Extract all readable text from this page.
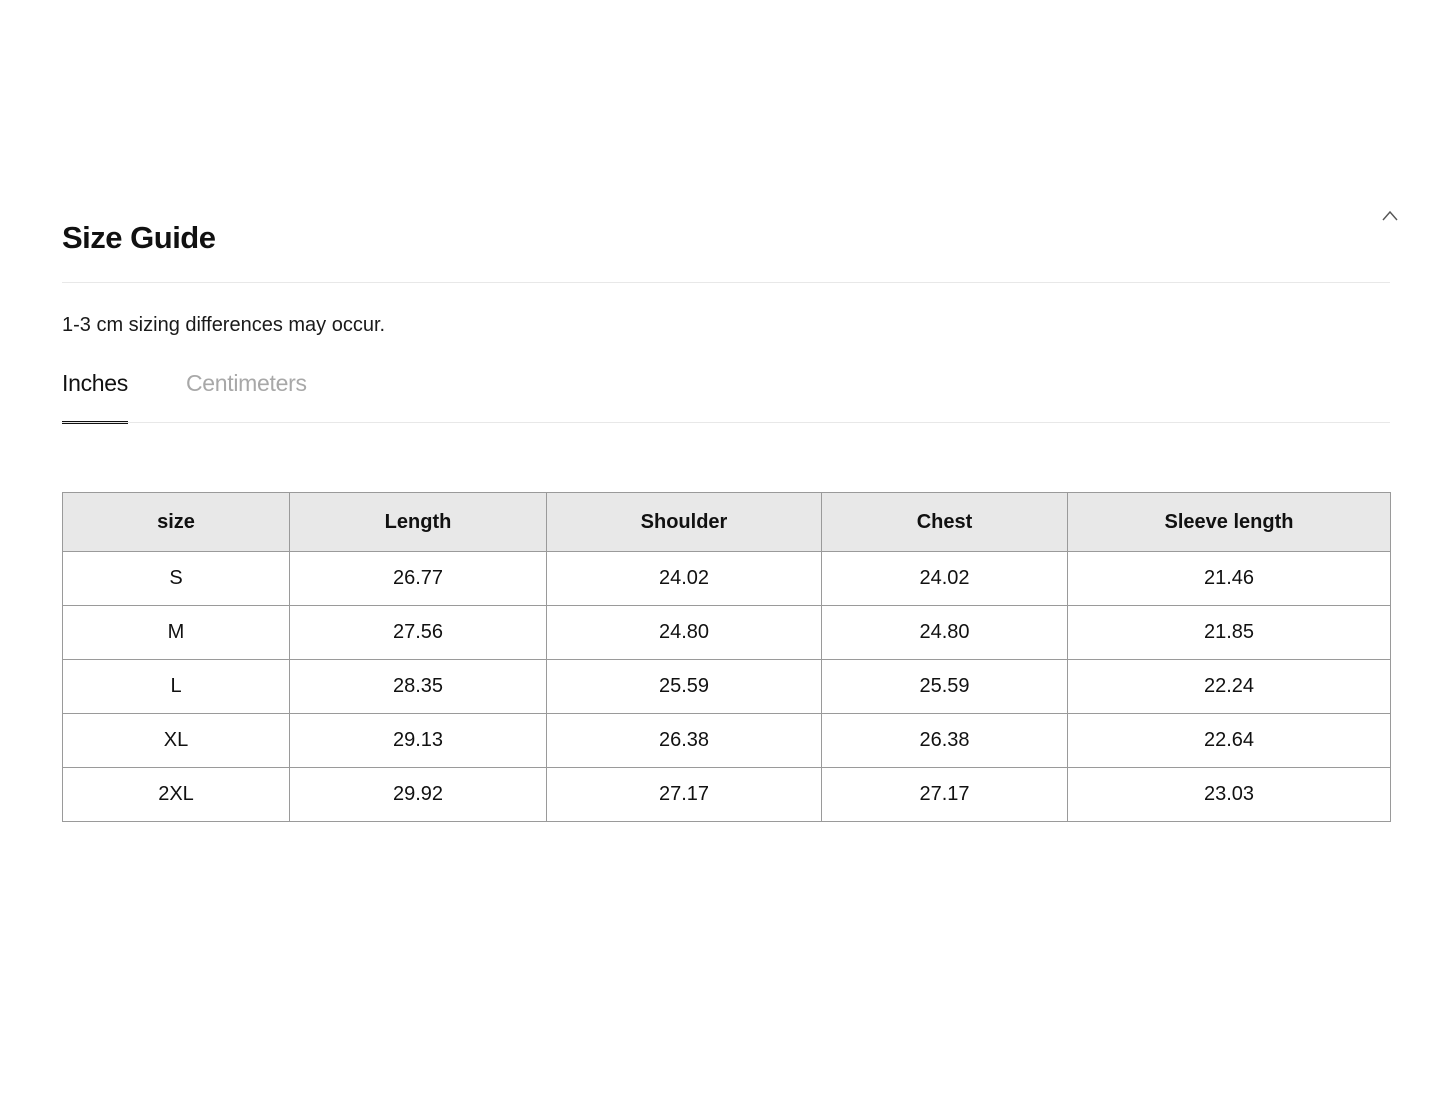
Size Guide
1-3 cm sizing differences may occur.
Inches	Centimeters
size	Length	Shoulder	Chest	Sleeve length
S	26.77	24.02	24.02	21.46
M	27.56	24.80	24.80	21.85
L	28.35	25.59	25.59	22.24
XL	29.13	26.38	26.38	22.64
2XL	29.92	27.17	27.17	23.03
